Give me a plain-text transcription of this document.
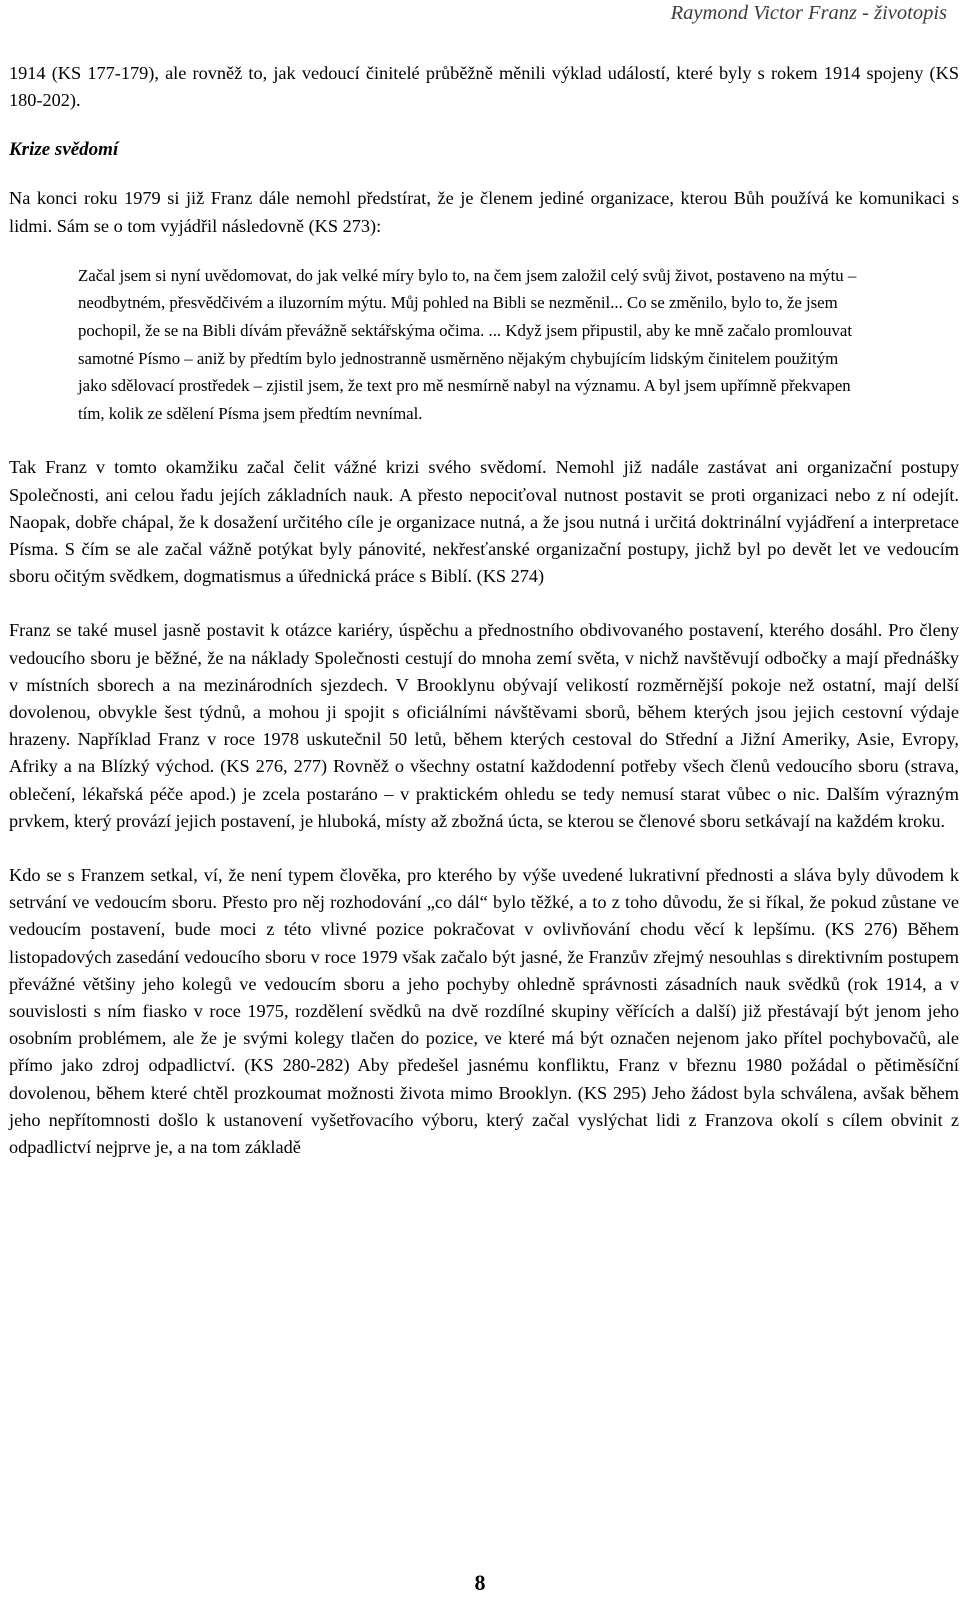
Raymond Victor Franz - životopis

1914 (KS 177-179), ale rovněž to, jak vedoucí činitelé průběžně měnili výklad událostí, které byly s rokem 1914 spojeny (KS 180-202).

Krize svědomí

Na konci roku 1979 si již Franz dále nemohl předstírat, že je členem jediné organizace, kterou Bůh používá ke komunikaci s lidmi. Sám se o tom vyjádřil následovně (KS 273):

Začal jsem si nyní uvědomovat, do jak velké míry bylo to, na čem jsem založil celý svůj život, postaveno na mýtu – neodbytném, přesvědčivém a iluzorním mýtu. Můj pohled na Bibli se nezměnil... Co se změnilo, bylo to, že jsem pochopil, že se na Bibli dívám převážně sektářskýma očima. ... Když jsem připustil, aby ke mně začalo promlouvat samotné Písmo – aniž by předtím bylo jednostranně usměrněno nějakým chybujícím lidským činitelem použitým jako sdělovací prostředek – zjistil jsem, že text pro mě nesmírně nabyl na významu. A byl jsem upřímně překvapen tím, kolik ze sdělení Písma jsem předtím nevnímal.

Tak Franz v tomto okamžiku začal čelit vážné krizi svého svědomí. Nemohl již nadále zastávat ani organizační postupy Společnosti, ani celou řadu jejích základních nauk. A přesto nepociťoval nutnost postavit se proti organizaci nebo z ní odejít. Naopak, dobře chápal, že k dosažení určitého cíle je organizace nutná, a že jsou nutná i určitá doktrinální vyjádření a interpretace Písma. S čím se ale začal vážně potýkat byly pánovité, nekřesťanské organizační postupy, jichž byl po devět let ve vedoucím sboru očitým svědkem, dogmatismus a úřednická práce s Biblí. (KS 274)

Franz se také musel jasně postavit k otázce kariéry, úspěchu a přednostního obdivovaného postavení, kterého dosáhl. Pro členy vedoucího sboru je běžné, že na náklady Společnosti cestují do mnoha zemí světa, v nichž navštěvují odbočky a mají přednášky v místních sborech a na mezinárodních sjezdech. V Brooklynu obývají velikostí rozměrnější pokoje než ostatní, mají delší dovolenou, obvykle šest týdnů, a mohou ji spojit s oficiálními návštěvami sborů, během kterých jsou jejich cestovní výdaje hrazeny. Například Franz v roce 1978 uskutečnil 50 letů, během kterých cestoval do Střední a Jižní Ameriky, Asie, Evropy, Afriky a na Blízký východ. (KS 276, 277) Rovněž o všechny ostatní každodenní potřeby všech členů vedoucího sboru (strava, oblečení, lékařská péče apod.) je zcela postaráno – v praktickém ohledu se tedy nemusí starat vůbec o nic. Dalším výrazným prvkem, který provází jejich postavení, je hluboká, místy až zbožná úcta, se kterou se členové sboru setkávají na každém kroku.

Kdo se s Franzem setkal, ví, že není typem člověka, pro kterého by výše uvedené lukrativní přednosti a sláva byly důvodem k setrvání ve vedoucím sboru. Přesto pro něj rozhodování „co dál“ bylo těžké, a to z toho důvodu, že si říkal, že pokud zůstane ve vedoucím postavení, bude moci z této vlivné pozice pokračovat v ovlivňování chodu věcí k lepšímu. (KS 276) Během listopadových zasedání vedoucího sboru v roce 1979 však začalo být jasné, že Franzův zřejmý nesouhlas s direktivním postupem převážné většiny jeho kolegů ve vedoucím sboru a jeho pochyby ohledně správnosti zásadních nauk svědků (rok 1914, a v souvislosti s ním fiasko v roce 1975, rozdělení svědků na dvě rozdílné skupiny věřících a další) již přestávají být jenom jeho osobním problémem, ale že je svými kolegy tlačen do pozice, ve které má být označen nejenom jako přítel pochybovačů, ale přímo jako zdroj odpadlictví. (KS 280-282) Aby předešel jasnému konfliktu, Franz v březnu 1980 požádal o pětiměsíční dovolenou, během které chtěl prozkoumat možnosti života mimo Brooklyn. (KS 295) Jeho žádost byla schválena, avšak během jeho nepřítomnosti došlo k ustanovení vyšetřovacího výboru, který začal vyslýchat lidi z Franzova okolí s cílem obvinit z odpadlictví nejprve je, a na tom základě

8
